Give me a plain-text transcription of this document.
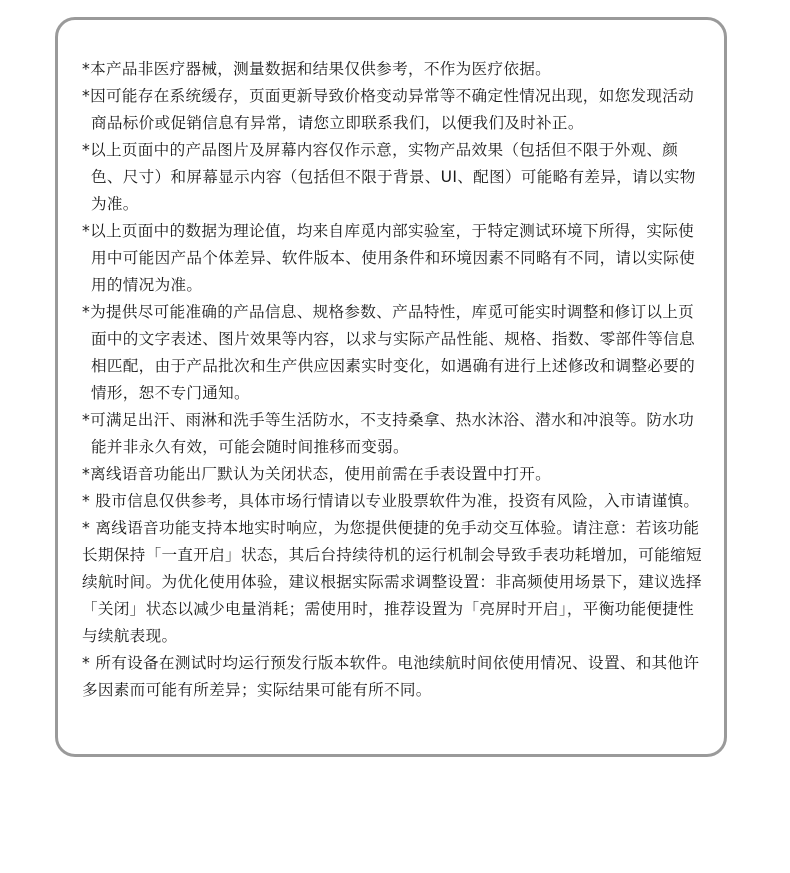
*本产品非医疗器械，测量数据和结果仅供参考，不作为医疗依据。
*因可能存在系统缓存，页面更新导致价格变动异常等不确定性情况出现，如您发现活动商品标价或促销信息有异常，请您立即联系我们，以便我们及时补正。
*以上页面中的产品图片及屏幕内容仅作示意，实物产品效果（包括但不限于外观、颜色、尺寸）和屏幕显示内容（包括但不限于背景、UI、配图）可能略有差异，请以实物为准。
*以上页面中的数据为理论值，均来自库觅内部实验室，于特定测试环境下所得，实际使用中可能因产品个体差异、软件版本、使用条件和环境因素不同略有不同，请以实际使用的情况为准。
*为提供尽可能准确的产品信息、规格参数、产品特性，库觅可能实时调整和修订以上页面中的文字表述、图片效果等内容，以求与实际产品性能、规格、指数、零部件等信息相匹配，由于产品批次和生产供应因素实时变化，如遇确有进行上述修改和调整必要的情形，恕不专门通知。
*可满足出汗、雨淋和洗手等生活防水，不支持桑拿、热水沐浴、潜水和冲浪等。防水功能并非永久有效，可能会随时间推移而变弱。
*离线语音功能出厂默认为关闭状态，使用前需在手表设置中打开。
* 股市信息仅供参考，具体市场行情请以专业股票软件为准，投资有风险，入市请谨慎。
* 离线语音功能支持本地实时响应，为您提供便捷的免手动交互体验。请注意：若该功能长期保持「一直开启」状态，其后台持续待机的运行机制会导致手表功耗增加，可能缩短续航时间。为优化使用体验，建议根据实际需求调整设置：非高频使用场景下，建议选择「关闭」状态以减少电量消耗；需使用时，推荐设置为「亮屏时开启」，平衡功能便捷性与续航表现。
* 所有设备在测试时均运行预发行版本软件。电池续航时间依使用情况、设置、和其他许多因素而可能有所差异；实际结果可能有所不同。
